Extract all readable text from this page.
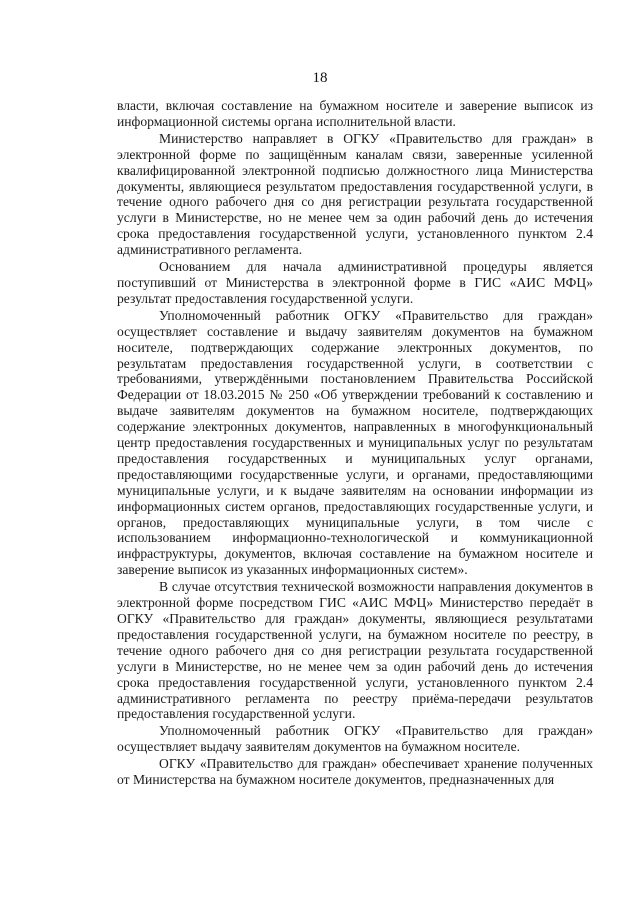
18

власти, включая составление на бумажном носителе и заверение выписок из информационной системы органа исполнительной власти.

Министерство направляет в ОГКУ «Правительство для граждан» в электронной форме по защищённым каналам связи, заверенные усиленной квалифицированной электронной подписью должностного лица Министерства документы, являющиеся результатом предоставления государственной услуги, в течение одного рабочего дня со дня регистрации результата государственной услуги в Министерстве, но не менее чем за один рабочий день до истечения срока предоставления государственной услуги, установленного пунктом 2.4 административного регламента.

Основанием для начала административной процедуры является поступивший от Министерства в электронной форме в ГИС «АИС МФЦ» результат предоставления государственной услуги.

Уполномоченный работник ОГКУ «Правительство для граждан» осуществляет составление и выдачу заявителям документов на бумажном носителе, подтверждающих содержание электронных документов, по результатам предоставления государственной услуги, в соответствии с требованиями, утверждёнными постановлением Правительства Российской Федерации от 18.03.2015 № 250 «Об утверждении требований к составлению и выдаче заявителям документов на бумажном носителе, подтверждающих содержание электронных документов, направленных в многофункциональный центр предоставления государственных и муниципальных услуг по результатам предоставления государственных и муниципальных услуг органами, предоставляющими государственные услуги, и органами, предоставляющими муниципальные услуги, и к выдаче заявителям на основании информации из информационных систем органов, предоставляющих государственные услуги, и органов, предоставляющих муниципальные услуги, в том числе с использованием информационно-технологической и коммуникационной инфраструктуры, документов, включая составление на бумажном носителе и заверение выписок из указанных информационных систем».

В случае отсутствия технической возможности направления документов в электронной форме посредством ГИС «АИС МФЦ» Министерство передаёт в ОГКУ «Правительство для граждан» документы, являющиеся результатами предоставления государственной услуги, на бумажном носителе по реестру, в течение одного рабочего дня со дня регистрации результата государственной услуги в Министерстве, но не менее чем за один рабочий день до истечения срока предоставления государственной услуги, установленного пунктом 2.4 административного регламента по реестру приёма-передачи результатов предоставления государственной услуги.

Уполномоченный работник ОГКУ «Правительство для граждан» осуществляет выдачу заявителям документов на бумажном носителе.

ОГКУ «Правительство для граждан» обеспечивает хранение полученных от Министерства на бумажном носителе документов, предназначенных для
